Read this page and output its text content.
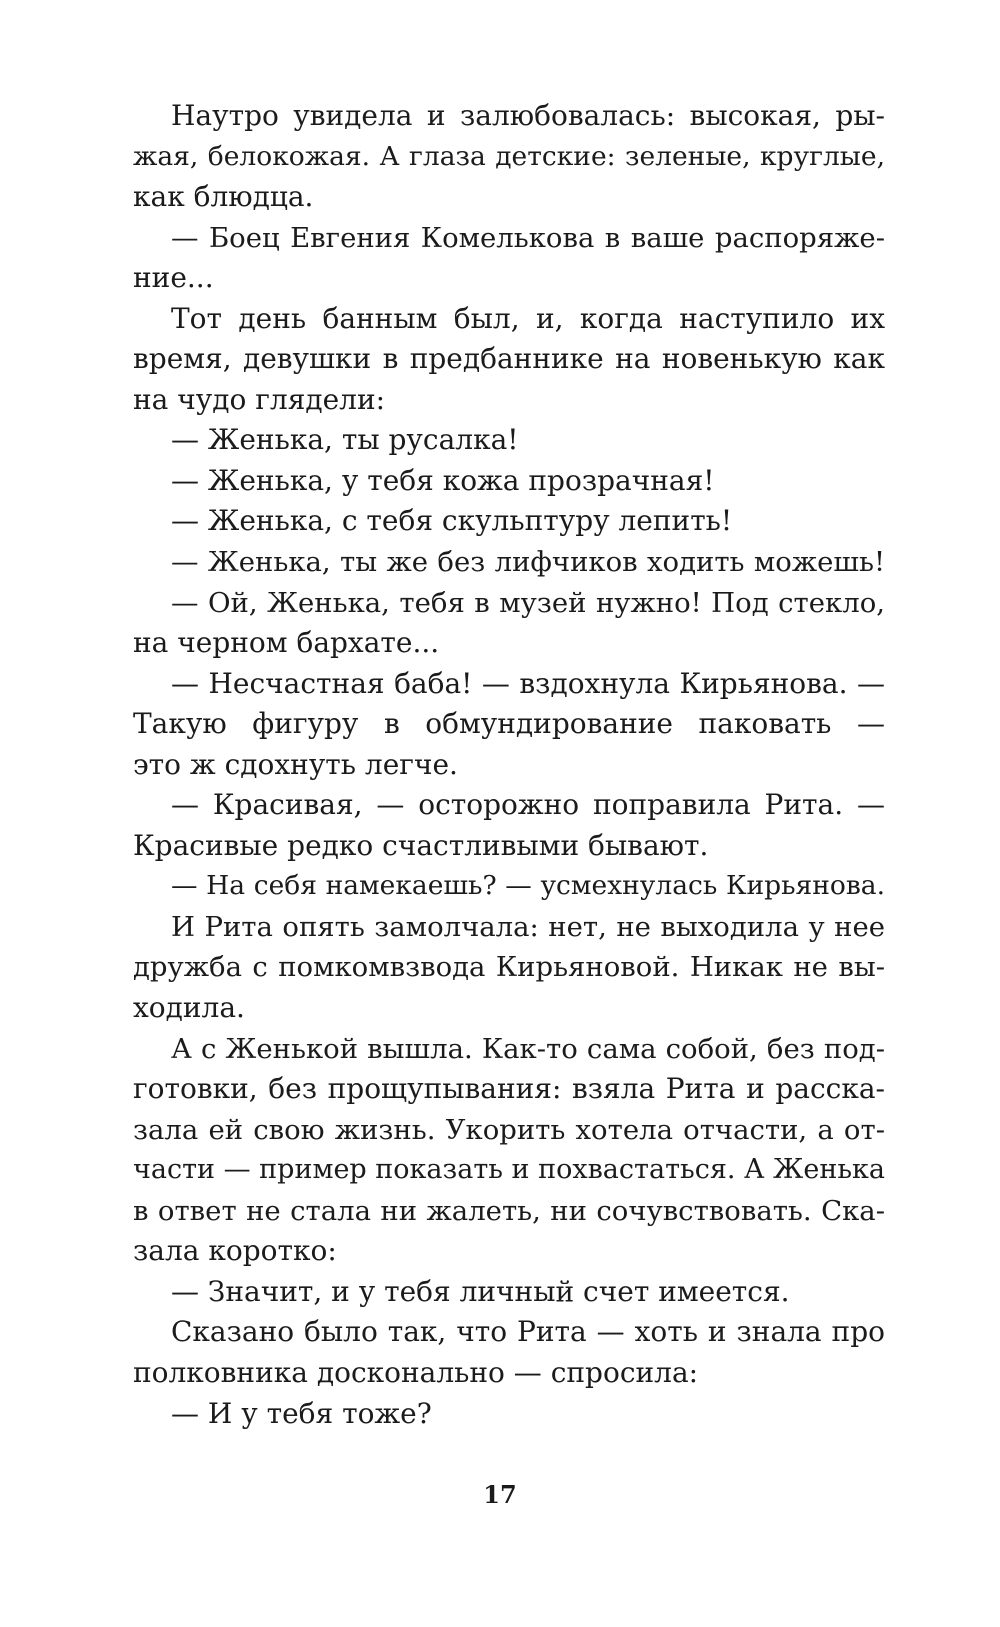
Наутро увидела и залюбовалась: высокая, ры-
жая, белокожая. А глаза детские: зеленые, круглые,
как блюдца.
— Боец Евгения Комелькова в ваше распоряже-
ние...
Тот день банным был, и, когда наступило их
время, девушки в предбаннике на новенькую как
на чудо глядели:
— Женька, ты русалка!
— Женька, у тебя кожа прозрачная!
— Женька, с тебя скульптуру лепить!
— Женька, ты же без лифчиков ходить можешь!
— Ой, Женька, тебя в музей нужно! Под стекло,
на черном бархате...
— Несчастная баба! — вздохнула Кирьянова. —
Такую фигуру в обмундирование паковать —
это ж сдохнуть легче.
— Красивая, — осторожно поправила Рита. —
Красивые редко счастливыми бывают.
— На себя намекаешь? — усмехнулась Кирьянова.
И Рита опять замолчала: нет, не выходила у нее
дружба с помкомвзвода Кирьяновой. Никак не вы-
ходила.
А с Женькой вышла. Как-то сама собой, без под-
готовки, без прощупывания: взяла Рита и расска-
зала ей свою жизнь. Укорить хотела отчасти, а от-
части — пример показать и похвастаться. А Женька
в ответ не стала ни жалеть, ни сочувствовать. Ска-
зала коротко:
— Значит, и у тебя личный счет имеется.
Сказано было так, что Рита — хоть и знала про
полковника досконально — спросила:
— И у тебя тоже?
17
